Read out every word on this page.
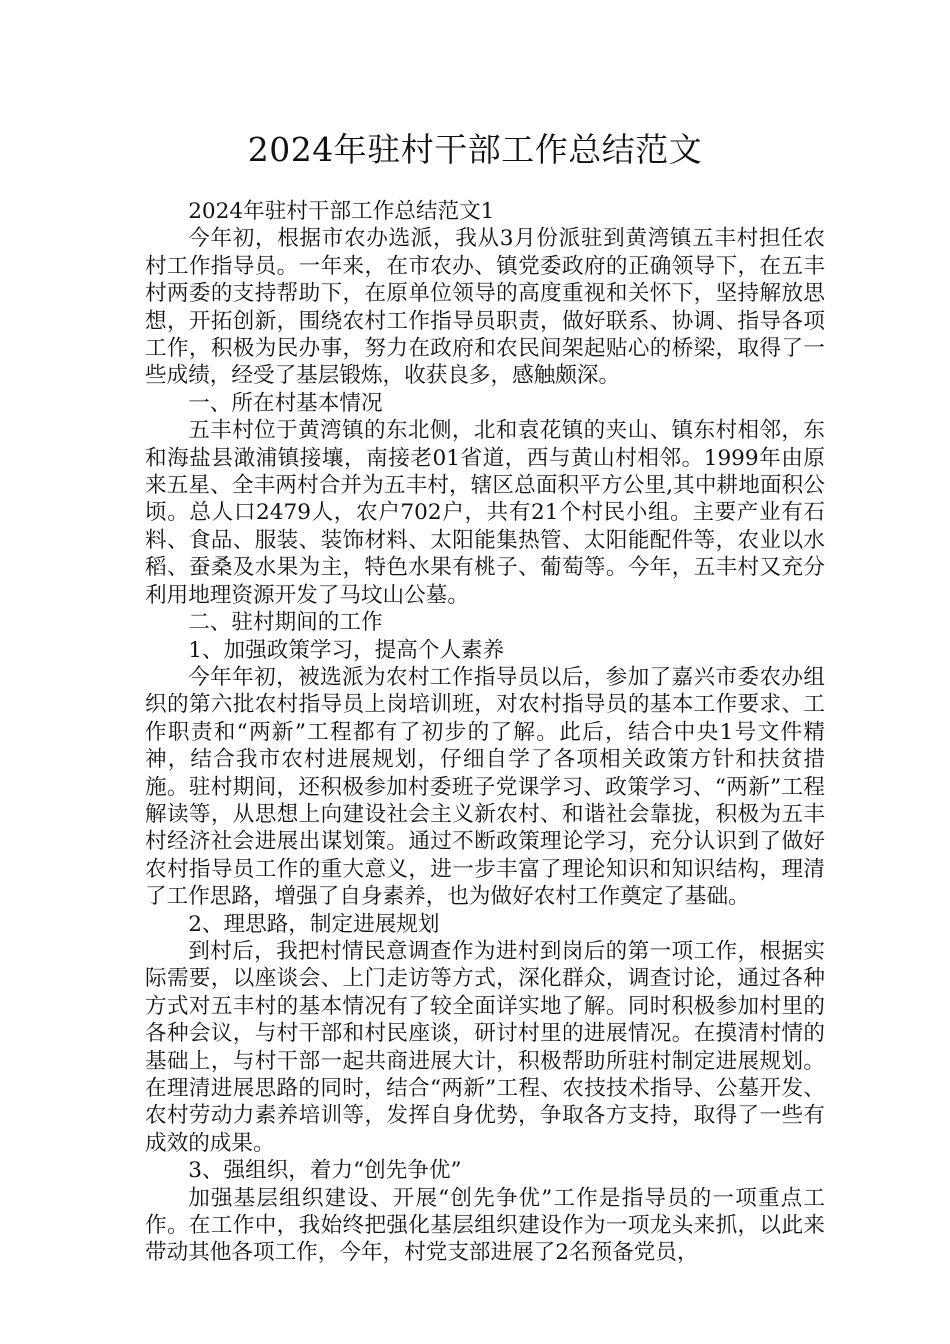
2024年驻村干部工作总结范文

2024年驻村干部工作总结范文1

今年初，根据市农办选派，我从3月份派驻到黄湾镇五丰村担任农村工作指导员。一年来，在市农办、镇党委政府的正确领导下，在五丰村两委的支持帮助下，在原单位领导的高度重视和关怀下，坚持解放思想，开拓创新，围绕农村工作指导员职责，做好联系、协调、指导各项工作，积极为民办事，努力在政府和农民间架起贴心的桥梁，取得了一些成绩，经受了基层锻炼，收获良多，感触颇深。

一、所在村基本情况

五丰村位于黄湾镇的东北侧，北和袁花镇的夹山、镇东村相邻，东和海盐县澉浦镇接壤，南接老01省道，西与黄山村相邻。1999年由原来五星、全丰两村合并为五丰村，辖区总面积平方公里,其中耕地面积公顷。总人口2479人，农户702户，共有21个村民小组。主要产业有石料、食品、服装、装饰材料、太阳能集热管、太阳能配件等，农业以水稻、蚕桑及水果为主，特色水果有桃子、葡萄等。今年，五丰村又充分利用地理资源开发了马坟山公墓。

二、驻村期间的工作

1、加强政策学习，提高个人素养

今年年初，被选派为农村工作指导员以后，参加了嘉兴市委农办组织的第六批农村指导员上岗培训班，对农村指导员的基本工作要求、工作职责和“两新”工程都有了初步的了解。此后，结合中央1号文件精神，结合我市农村进展规划，仔细自学了各项相关政策方针和扶贫措施。驻村期间，还积极参加村委班子党课学习、政策学习、“两新”工程解读等，从思想上向建设社会主义新农村、和谐社会靠拢，积极为五丰村经济社会进展出谋划策。通过不断政策理论学习，充分认识到了做好农村指导员工作的重大意义，进一步丰富了理论知识和知识结构，理清了工作思路，增强了自身素养，也为做好农村工作奠定了基础。

2、理思路，制定进展规划

到村后，我把村情民意调查作为进村到岗后的第一项工作，根据实际需要，以座谈会、上门走访等方式，深化群众，调查讨论，通过各种方式对五丰村的基本情况有了较全面详实地了解。同时积极参加村里的各种会议，与村干部和村民座谈，研讨村里的进展情况。在摸清村情的基础上，与村干部一起共商进展大计，积极帮助所驻村制定进展规划。在理清进展思路的同时，结合“两新”工程、农技技术指导、公墓开发、农村劳动力素养培训等，发挥自身优势，争取各方支持，取得了一些有成效的成果。

3、强组织，着力“创先争优”

加强基层组织建设、开展“创先争优”工作是指导员的一项重点工作。在工作中，我始终把强化基层组织建设作为一项龙头来抓，以此来带动其他各项工作，今年，村党支部进展了2名预备党员，
